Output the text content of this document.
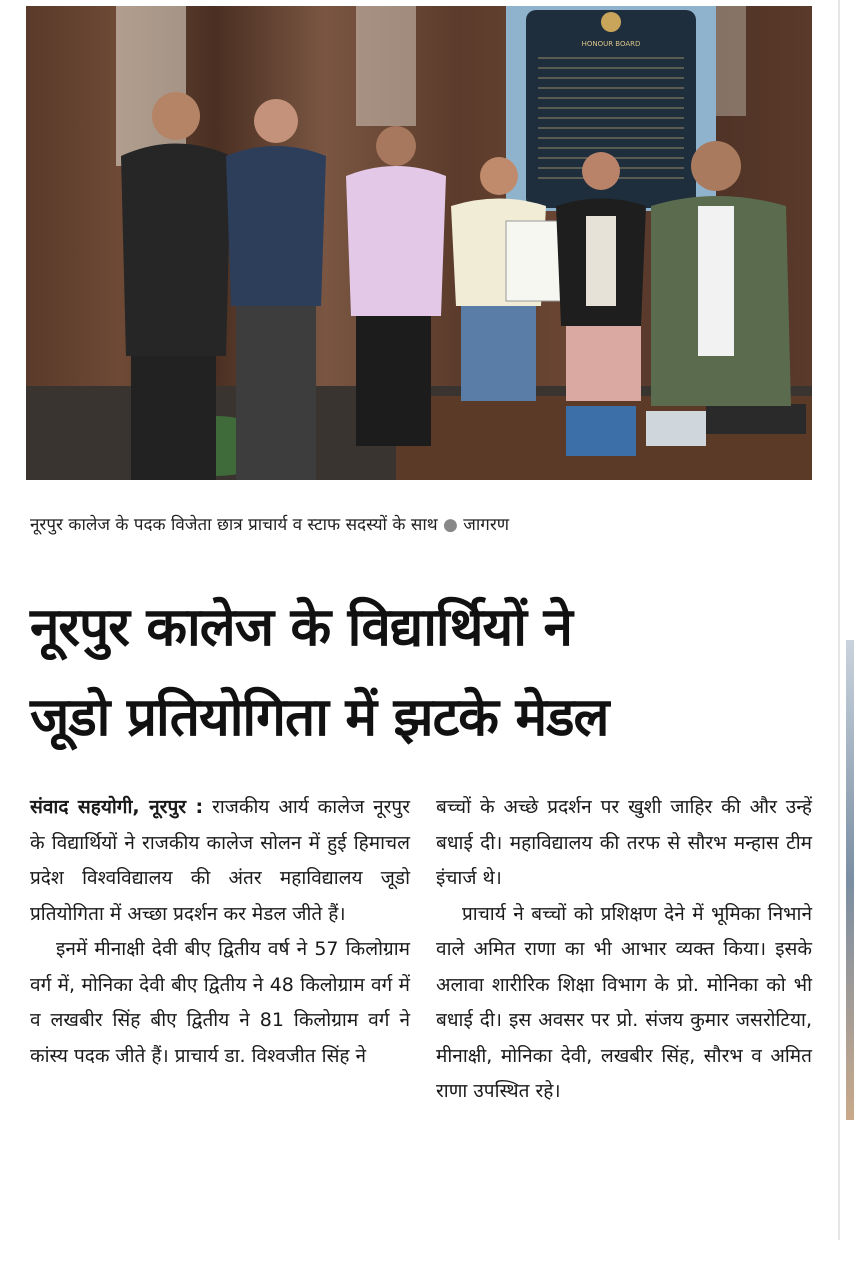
HONOUR BOARD
नूरपुर कालेज के पदक विजेता छात्र प्राचार्य व स्टाफ सदस्यों के साथ ● जागरण
नूरपुर कालेज के विद्यार्थियों ने
जूडो प्रतियोगिता में झटके मेडल

संवाद सहयोगी, नूरपुर : राजकीय आर्य कालेज नूरपुर के विद्यार्थियों ने राजकीय कालेज सोलन में हुई हिमाचल प्रदेश विश्वविद्यालय की अंतर महाविद्यालय जूडो प्रतियोगिता में अच्छा प्रदर्शन कर मेडल जीते हैं।

इनमें मीनाक्षी देवी बीए द्वितीय वर्ष ने 57 किलोग्राम वर्ग में, मोनिका देवी बीए द्वितीय ने 48 किलोग्राम वर्ग में व लखबीर सिंह बीए द्वितीय ने 81 किलोग्राम वर्ग ने कांस्य पदक जीते हैं। प्राचार्य डा. विश्वजीत सिंह ने

बच्चों के अच्छे प्रदर्शन पर खुशी जाहिर की और उन्हें बधाई दी। महाविद्यालय की तरफ से सौरभ मन्हास टीम इंचार्ज थे।

प्राचार्य ने बच्चों को प्रशिक्षण देने में भूमिका निभाने वाले अमित राणा का भी आभार व्यक्त किया। इसके अलावा शारीरिक शिक्षा विभाग के प्रो. मोनिका को भी बधाई दी। इस अवसर पर प्रो. संजय कुमार जसरोटिया, मीनाक्षी, मोनिका देवी, लखबीर सिंह, सौरभ व अमित राणा उपस्थित रहे।
